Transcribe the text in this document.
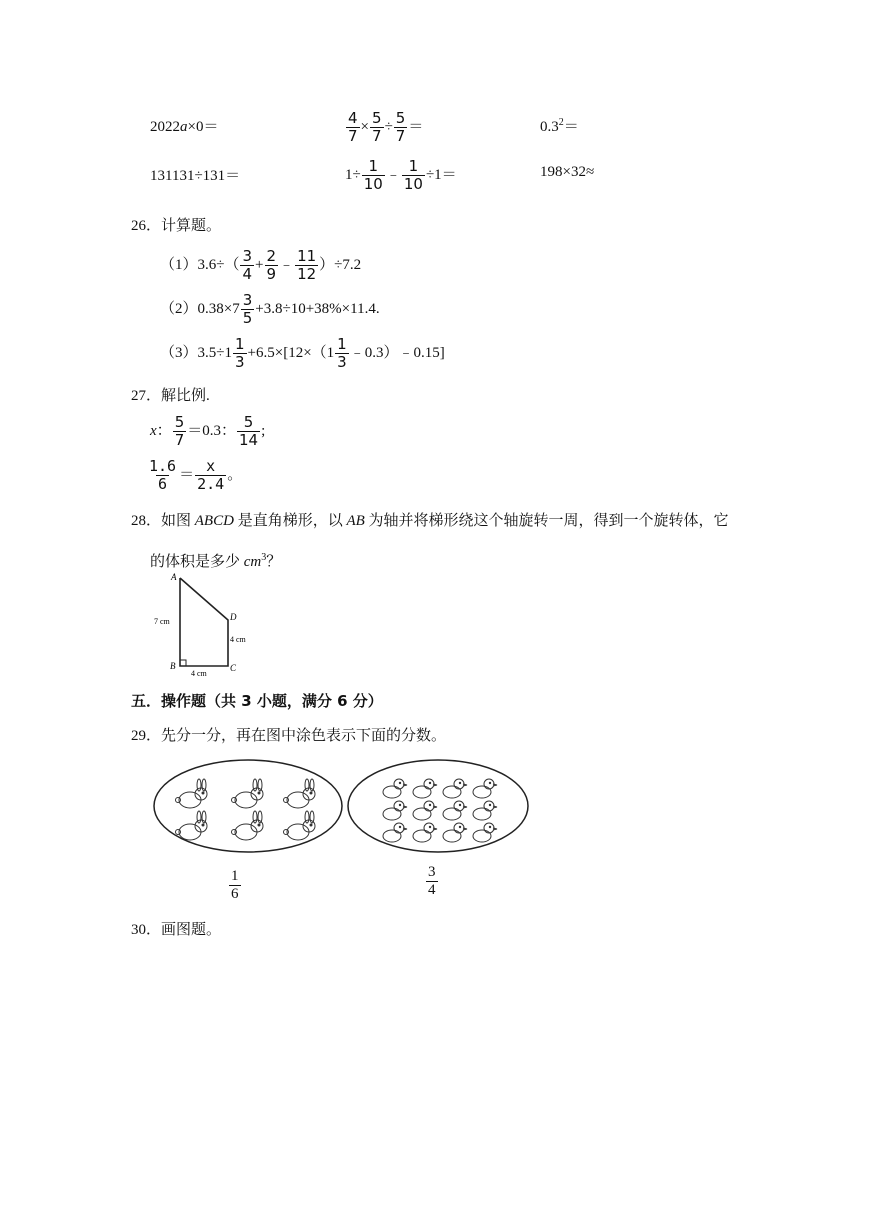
2022a×0＝	$\frac{4}{7} \times \frac{5}{7} \div \frac{5}{7}$ ＝	$0.3^2=$
131131÷131＝	$1\div \frac{1}{10}$ ﹣ $\frac{1}{10} \div 1=$	198×32≈
26．计算题。
$(1)3.6\div( \frac{3}{4} + \frac{2}{9}$ ﹣ $\frac{11}{12} )\div 7.2$
$(2)0.38\times 7 \frac{3}{5} +3.8\div 10+38\%\times 11.4$.
$(3)3.5\div 1 \frac{1}{3} +6.5\times[12\times(1 \frac{1}{3}$ ﹣0.3）﹣0.15]
27．解比例.
x： $\frac{5}{7} =0.3$： $\frac{5}{14}$ ;
$\frac{1.6}{6} = \frac{x}{2.4}$ 。
28．如图 ABCD 是直角梯形，以 AB 为轴并将梯形绕这个轴旋转一周，得到一个旋转体，它
的体积是多少 $cm^3$？
A
B	C
D
7 cm
4 cm
4 cm
五．操作题（共 3 小题，满分 6 分）
29．先分一分，再在图中涂色表示下面的分数。
$\frac{1}{6}$	$\frac{3}{4}$
30．画图题。
